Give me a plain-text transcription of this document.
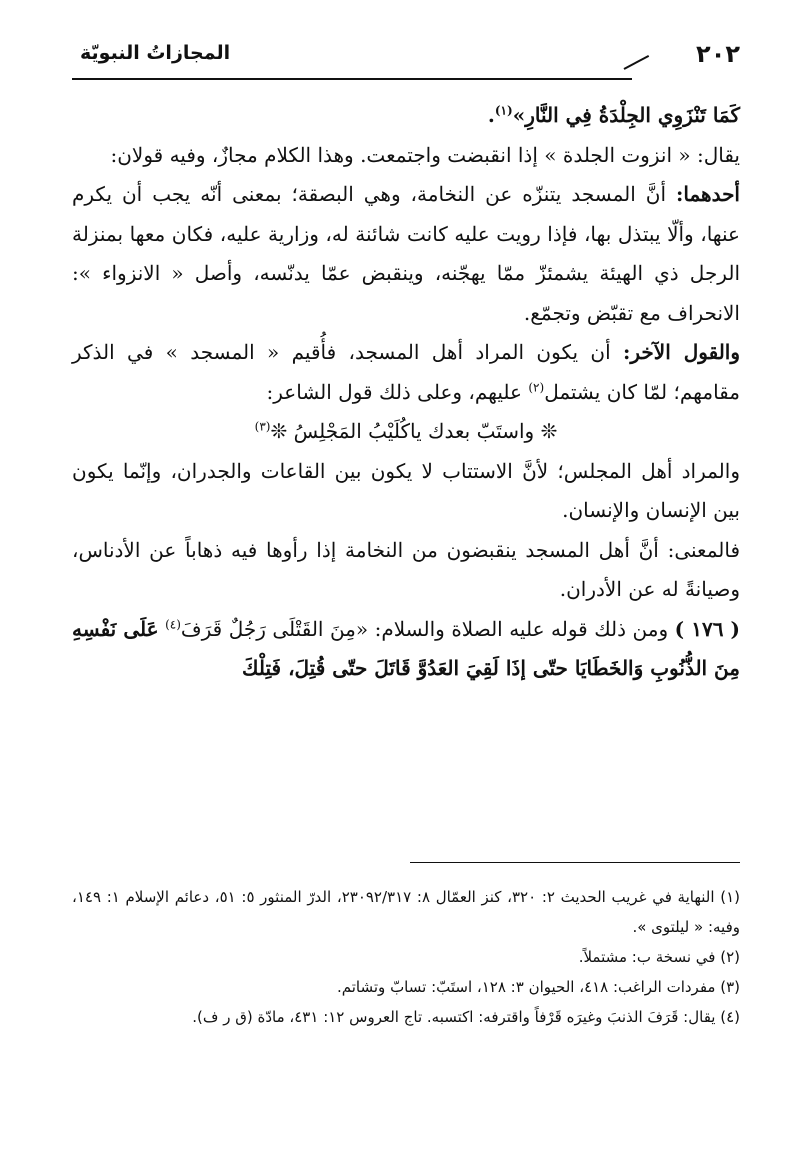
٢٠٢
المجازاتُ النبويّة

كَمَا تَنْزَوِي الجِلْدَةُ فِي النَّارِ»$^{(١)}$.

يقال: « انزوت الجلدة » إذا انقبضت واجتمعت. وهذا الكلام مجازٌ، وفيه قولان:

أحدهما: أنَّ المسجد يتنزّه عن النخامة، وهي البصقة؛ بمعنى أنّه يجب أن يكرم عنها، وألّا يبتذل بها، فإذا رويت عليه كانت شائنة له، وزارية عليه، فكان معها بمنزلة الرجل ذي الهيئة يشمئزّ ممّا يهجّنه، وينقبض عمّا يدنّسه، وأصل « الانزواء »: الانحراف مع تقبّض وتجمّع.

والقول الآخر: أن يكون المراد أهل المسجد، فأُقيم « المسجد » في الذكر مقامهم؛ لمّا كان يشتمل$^{(٢)}$ عليهم، وعلى ذلك قول الشاعر:

❊ واستَبّ بعدك ياكُلَيْبُ المَجْلِسُ ❊$^{(٣)}$

والمراد أهل المجلس؛ لأنَّ الاستتاب لا يكون بين القاعات والجدران، وإنّما يكون بين الإنسان والإنسان.

فالمعنى: أنَّ أهل المسجد ينقبضون من النخامة إذا رأوها فيه ذهاباً عن الأدناس، وصيانةً له عن الأدران.

( ١٧٦ ) ومن ذلك قوله عليه الصلاة والسلام: «مِنَ القَتْلَى رَجُلٌ قَرَفَ$^{(٤)}$ عَلَى نَفْسِهِ مِنَ الذُّنُوبِ وَالخَطَايَا حتّى إذَا لَقِيَ العَدُوَّ قَاتَلَ حتّى قُتِلَ، فَتِلْكَ

(١) النهاية في غريب الحديث ٢: ٣٢٠، كنز العمّال ٨: ٢٣٠٩٢/٣١٧، الدرّ المنثور ٥: ٥١، دعائم الإسلام ١: ١٤٩، وفيه: « ليلتوى ».

(٢) في نسخة ب: مشتملاً.

(٣) مفردات الراغب: ٤١٨، الحيوان ٣: ١٢٨، استَبّ: تسابّ وتشاتم.

(٤) يقال: قَرَفَ الذنبَ وغيرَه قَرْفاً واقترفه: اكتسبه. تاج العروس ١٢: ٤٣١، مادّة (ق ر ف).
